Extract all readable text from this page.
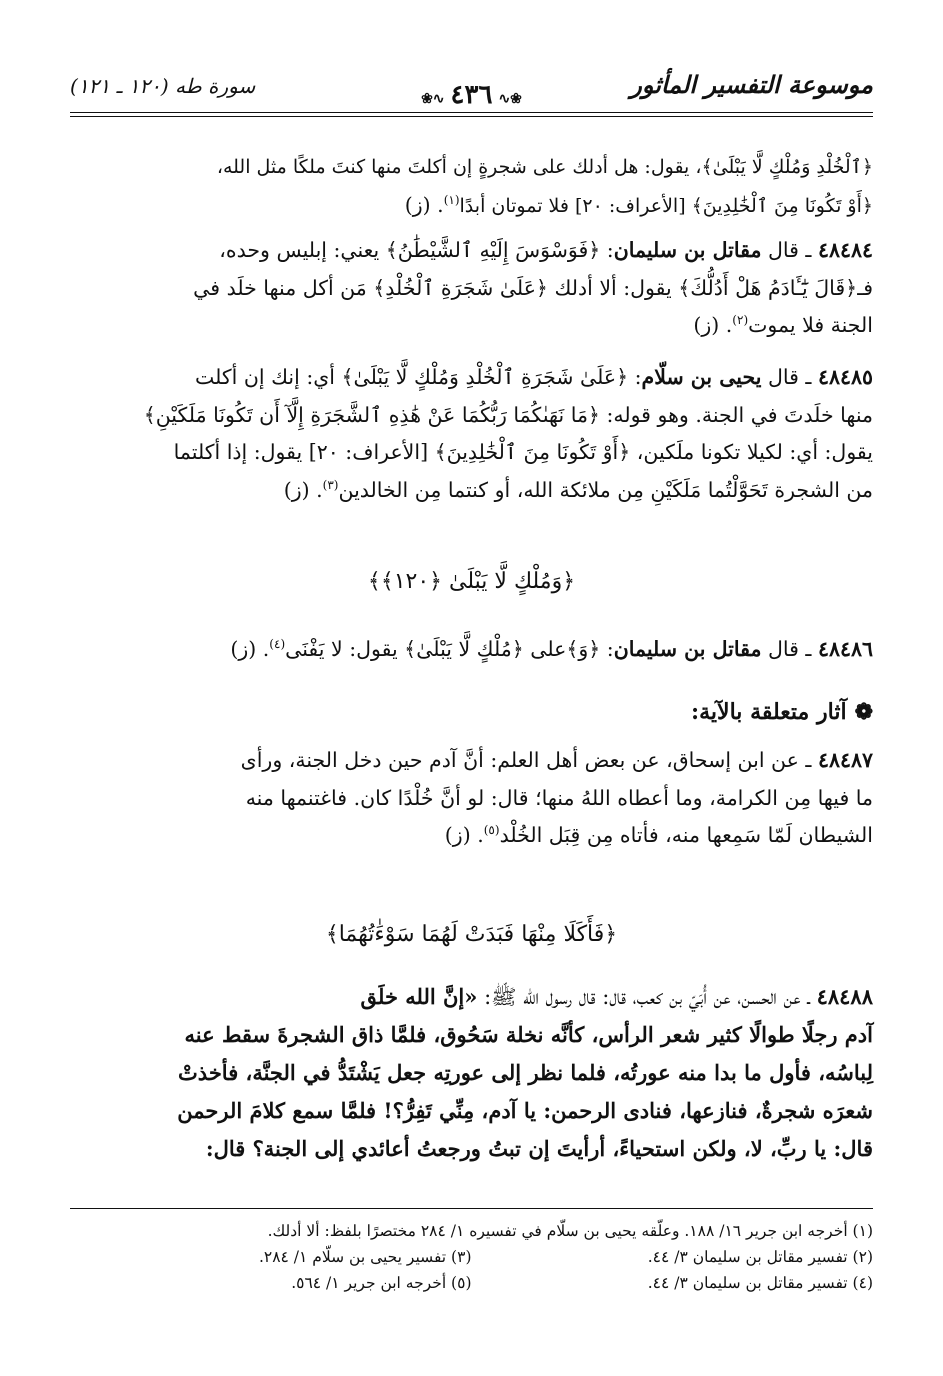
موسوعة التفسير المأثور
❀∿٤٣٦∿❀
سورة طه (١٢٠ ـ ١٢١)
﴿ٱلْخُلْدِ وَمُلْكٍ لَّا يَبْلَىٰ﴾، يقول: هل أدلك على شجرةٍ إن أكلتَ منها كنتَ ملكًا مثل الله،
﴿أَوْ تَكُونَا مِنَ ٱلْخَٰلِدِينَ﴾ [الأعراف: ٢٠] فلا تموتان أبدًا$^{(١)}$. (ز)
٤٨٤٨٤ ـ قال مقاتل بن سليمان: ﴿فَوَسْوَسَ إِلَيْهِ ٱلشَّيْطَٰنُ﴾ يعني: إبليس وحده،
فـ﴿قَالَ يَٰٓـَٔادَمُ هَلْ أَدُلُّكَ﴾ يقول: ألا أدلك ﴿عَلَىٰ شَجَرَةِ ٱلْخُلْدِ﴾ مَن أكل منها خلَد في
الجنة فلا يموت$^{(٢)}$. (ز)
٤٨٤٨٥ ـ قال يحيى بن سلّام: ﴿عَلَىٰ شَجَرَةِ ٱلْخُلْدِ وَمُلْكٍ لَّا يَبْلَىٰ﴾ أي: إنك إن أكلت
منها خلَدتَ في الجنة. وهو قوله: ﴿مَا نَهَىٰكُمَا رَبُّكُمَا عَنْ هَٰذِهِ ٱلشَّجَرَةِ إِلَّآ أَن تَكُونَا مَلَكَيْنِ﴾
يقول: أي: لكيلا تكونا ملَكين، ﴿أَوْ تَكُونَا مِنَ ٱلْخَٰلِدِينَ﴾ [الأعراف: ٢٠] يقول: إذا أكلتما
من الشجرة تَحَوَّلْتُما مَلَكَيْنِ مِن ملائكة الله، أو كنتما مِن الخالدين$^{(٣)}$. (ز)
﴿وَمُلْكٍ لَّا يَبْلَىٰ ﴿١٢٠﴾﴾
٤٨٤٨٦ ـ قال مقاتل بن سليمان: ﴿وَ﴾على ﴿مُلْكٍ لَّا يَبْلَىٰ﴾ يقول: لا يَفْنَى$^{(٤)}$. (ز)
❁آثار متعلقة بالآية:
٤٨٤٨٧ ـ عن ابن إسحاق، عن بعض أهل العلم: أنَّ آدم حين دخل الجنة، ورأى
ما فيها مِن الكرامة، وما أعطاه اللهُ منها؛ قال: لو أنَّ خُلْدًا كان. فاغتنمها منه
الشيطان لَمّا سَمِعها منه، فأتاه مِن قِبَل الخُلْد$^{(٥)}$. (ز)
﴿فَأَكَلَا مِنْهَا فَبَدَتْ لَهُمَا سَوْءَٰتُهُمَا﴾
٤٨٤٨٨ ـ عن الحسن، عن أُبَيّ بن كعب، قال: قال رسول الله ﷺ: «إنَّ الله خلَق
آدم رجلًا طوالًا كثير شعر الرأس، كأنَّه نخلة سَحُوق، فلمَّا ذاق الشجرةَ سقط عنه
لِباسُه، فأول ما بدا منه عورتُه، فلما نظر إلى عورتِه جعل يَشْتَدُّ في الجنَّة، فأخذتْ
شعرَه شجرةٌ، فنازعها، فنادى الرحمن: يا آدم، مِنِّي تَفِرُّ؟! فلمَّا سمع كلامَ الرحمن
قال: يا ربِّ، لا، ولكن استحياءً، أرأيتَ إن تبتُ ورجعتُ أعائدي إلى الجنة؟ قال:
(١) أخرجه ابن جرير ١٦/ ١٨٨. وعلّقه يحيى بن سلّام في تفسيره ١/ ٢٨٤ مختصرًا بلفظ: ألا أدلك.
(٢) تفسير مقاتل بن سليمان ٣/ ٤٤.
(٣) تفسير يحيى بن سلّام ١/ ٢٨٤.
(٤) تفسير مقاتل بن سليمان ٣/ ٤٤.
(٥) أخرجه ابن جرير ١/ ٥٦٤.
